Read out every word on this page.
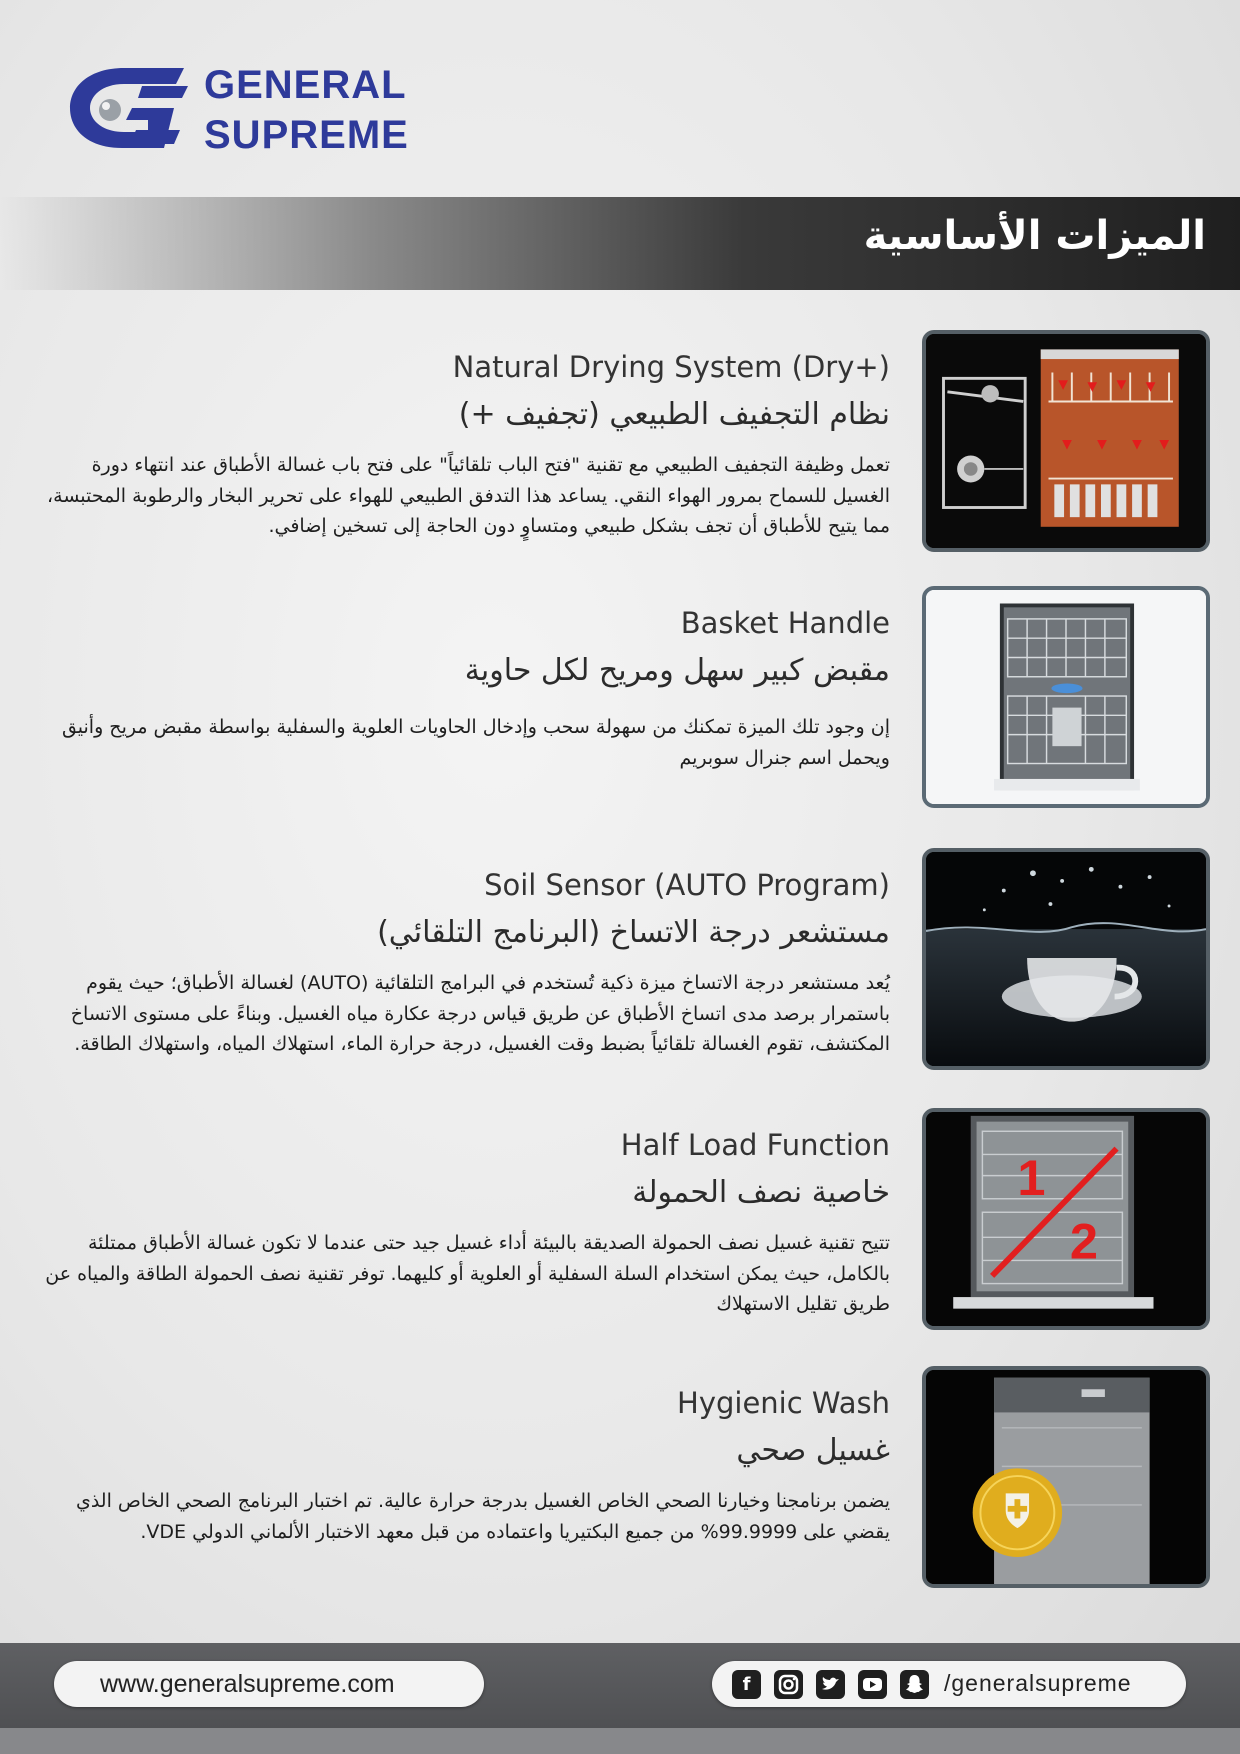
GENERAL
SUPREME
الميزات الأساسية
Natural Drying System (Dry+)
نظام التجفيف الطبيعي (تجفيف +)
تعمل وظيفة التجفيف الطبيعي مع تقنية "فتح الباب تلقائياً" على فتح باب غسالة الأطباق عند انتهاء دورة الغسيل للسماح بمرور الهواء النقي. يساعد هذا التدفق الطبيعي للهواء على تحرير البخار والرطوبة المحتبسة، مما يتيح للأطباق أن تجف بشكل طبيعي ومتساوٍ دون الحاجة إلى تسخين إضافي.
Basket Handle
مقبض كبير سهل ومريح لكل حاوية
إن وجود تلك الميزة تمكنك من سهولة سحب وإدخال الحاويات العلوية والسفلية بواسطة مقبض مريح وأنيق ويحمل اسم جنرال سوبريم
Soil Sensor (AUTO Program)
مستشعر درجة الاتساخ (البرنامج التلقائي)
يُعد مستشعر درجة الاتساخ ميزة ذكية تُستخدم في البرامج التلقائية (AUTO) لغسالة الأطباق؛ حيث يقوم باستمرار برصد مدى اتساخ الأطباق عن طريق قياس درجة عكارة مياه الغسيل. وبناءً على مستوى الاتساخ المكتشف، تقوم الغسالة تلقائياً بضبط وقت الغسيل، درجة حرارة الماء، استهلاك المياه، واستهلاك الطاقة.
Half Load Function
خاصية نصف الحمولة
تتيح تقنية غسيل نصف الحمولة الصديقة بالبيئة أداء غسيل جيد حتى عندما لا تكون غسالة الأطباق ممتلئة بالكامل، حيث يمكن استخدام السلة السفلية أو العلوية أو كليهما. توفر تقنية نصف الحمولة الطاقة والمياه عن طريق تقليل الاستهلاك
1
2
Hygienic Wash
غسيل صحي
يضمن برنامجنا وخيارنا الصحي الخاص الغسيل بدرجة حرارة عالية. تم اختبار البرنامج الصحي الخاص الذي يقضي على 99.9999% من جميع البكتيريا واعتماده من قبل معهد الاختبار الألماني الدولي VDE.
www.generalsupreme.com	f	/generalsupreme
